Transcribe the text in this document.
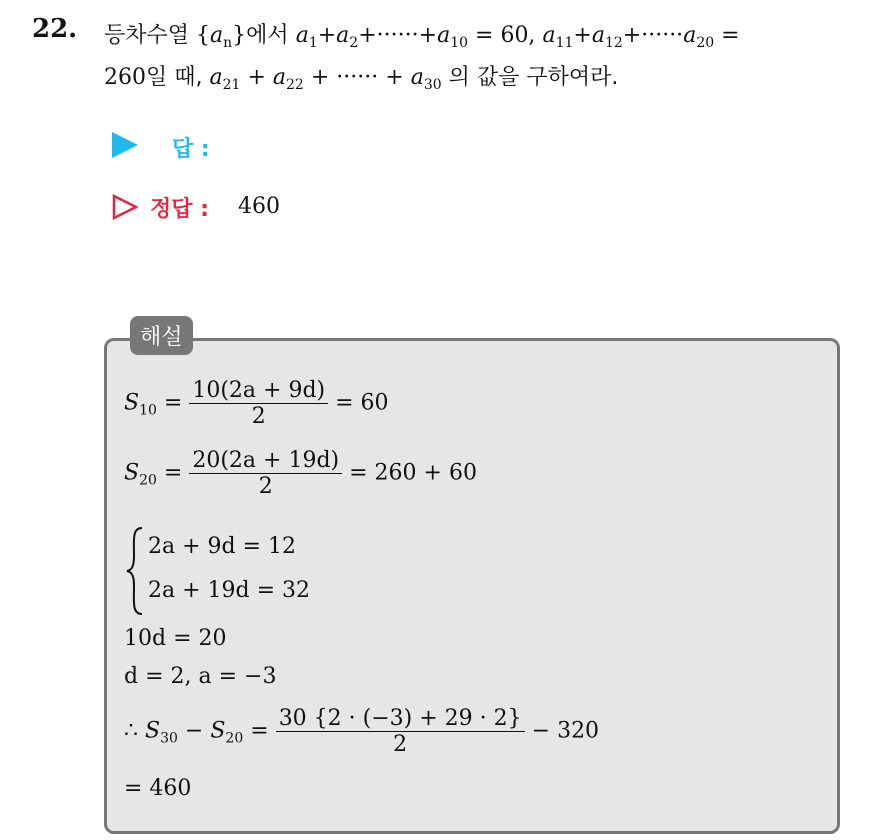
22. 등차수열 $\{a_n\}$에서 $a_1+a_2+\cdot\cdot\cdot\cdot\cdot\cdot+a_{10} = 60$, $a_{11}+a_{12}+\cdot\cdot\cdot\cdot\cdot\cdot a_{20}$ =
260일 때, $a_{21} + a_{22}$ + ······ + $a_{30}$ 의 값을 구하여라.
답 :
정답 : 460
해설
$S_{10} = \frac{10(2a + 9d)}{2} = 60$
$S_{20} = \frac{20(2a + 19d)}{2} = 260 + 60$
2a + 9d = 12
2a + 19d = 32
10d = 20
d = 2, a = −3
∴ $S_{30} - S_{20} = \frac{30 \{2 \cdot (-3) + 29 \cdot 2\}}{2} - 320$
= 460
